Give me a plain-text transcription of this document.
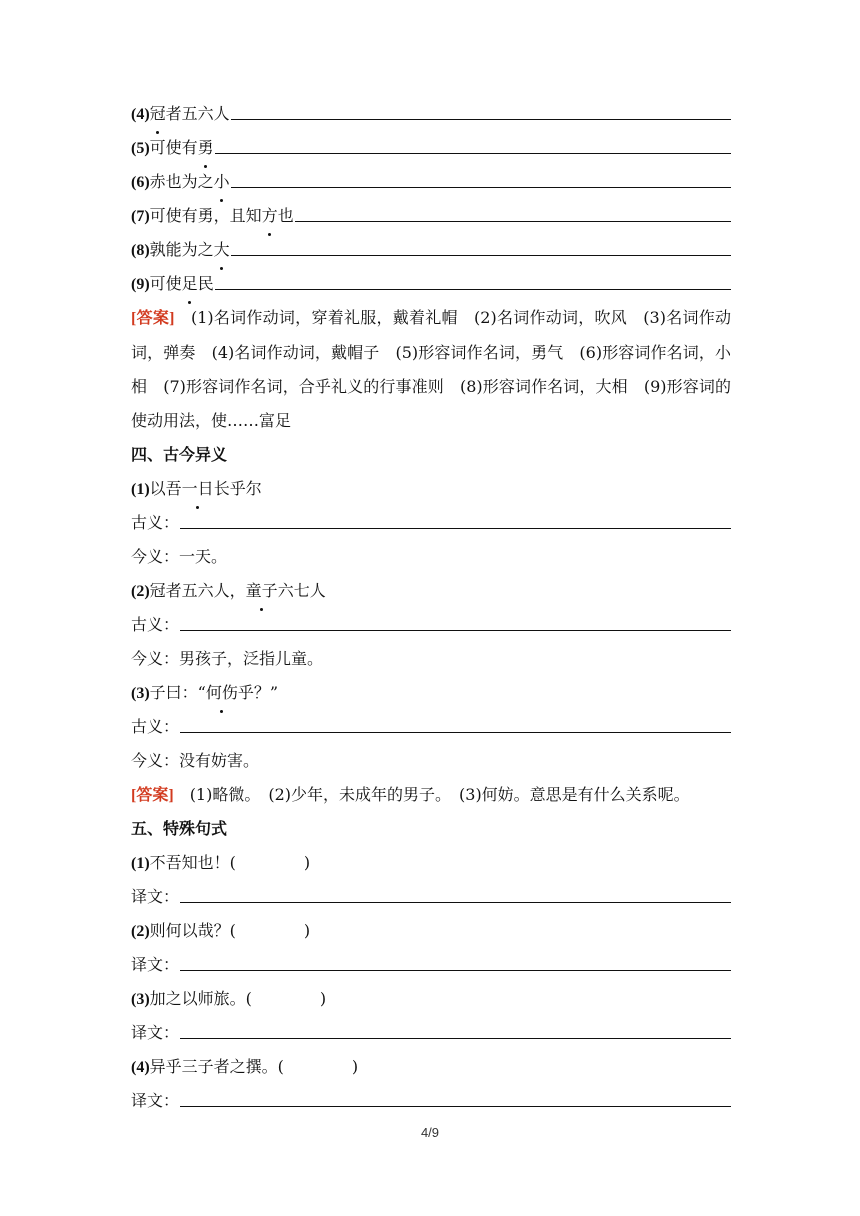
(4) 冠 者五六人
(5) 可使有 勇
(6) 赤也为之 小
(7) 可使有勇，且知 方 也
(8) 孰能为之 大
(9) 可使 足 民
[答案]　 (1)名词作动词，穿着礼服，戴着礼帽　(2)名词作动词，吹风　(3)名词作动词，弹奏　(4)名词作动词，戴帽子　(5)形容词作名词，勇气　(6)形容词作名词，小相　(7)形容词作名词，合乎礼义的行事准则　(8)形容词作名词，大相　(9)形容词的使动用法，使……富足
四、古今异义
(1) 以吾 一日 长乎尔
古义：
今义：一天。
(2) 冠者五六人， 童子 六七人
古义：
今义：男孩子，泛指儿童。
(3) 子曰：“ 何伤 乎？”
古义：
今义：没有妨害。
[答案]
　 (1)略微。　(2)少年，未成年的男子。　(3)何妨。意思是有什么关系呢。
五、特殊句式
(1) 不吾知也！(	)
译文：
(2) 则何以哉？(	)
译文：
(3) 加之以师旅。(	)
译文：
(4) 异乎三子者之撰。(	)
译文：
4/9
